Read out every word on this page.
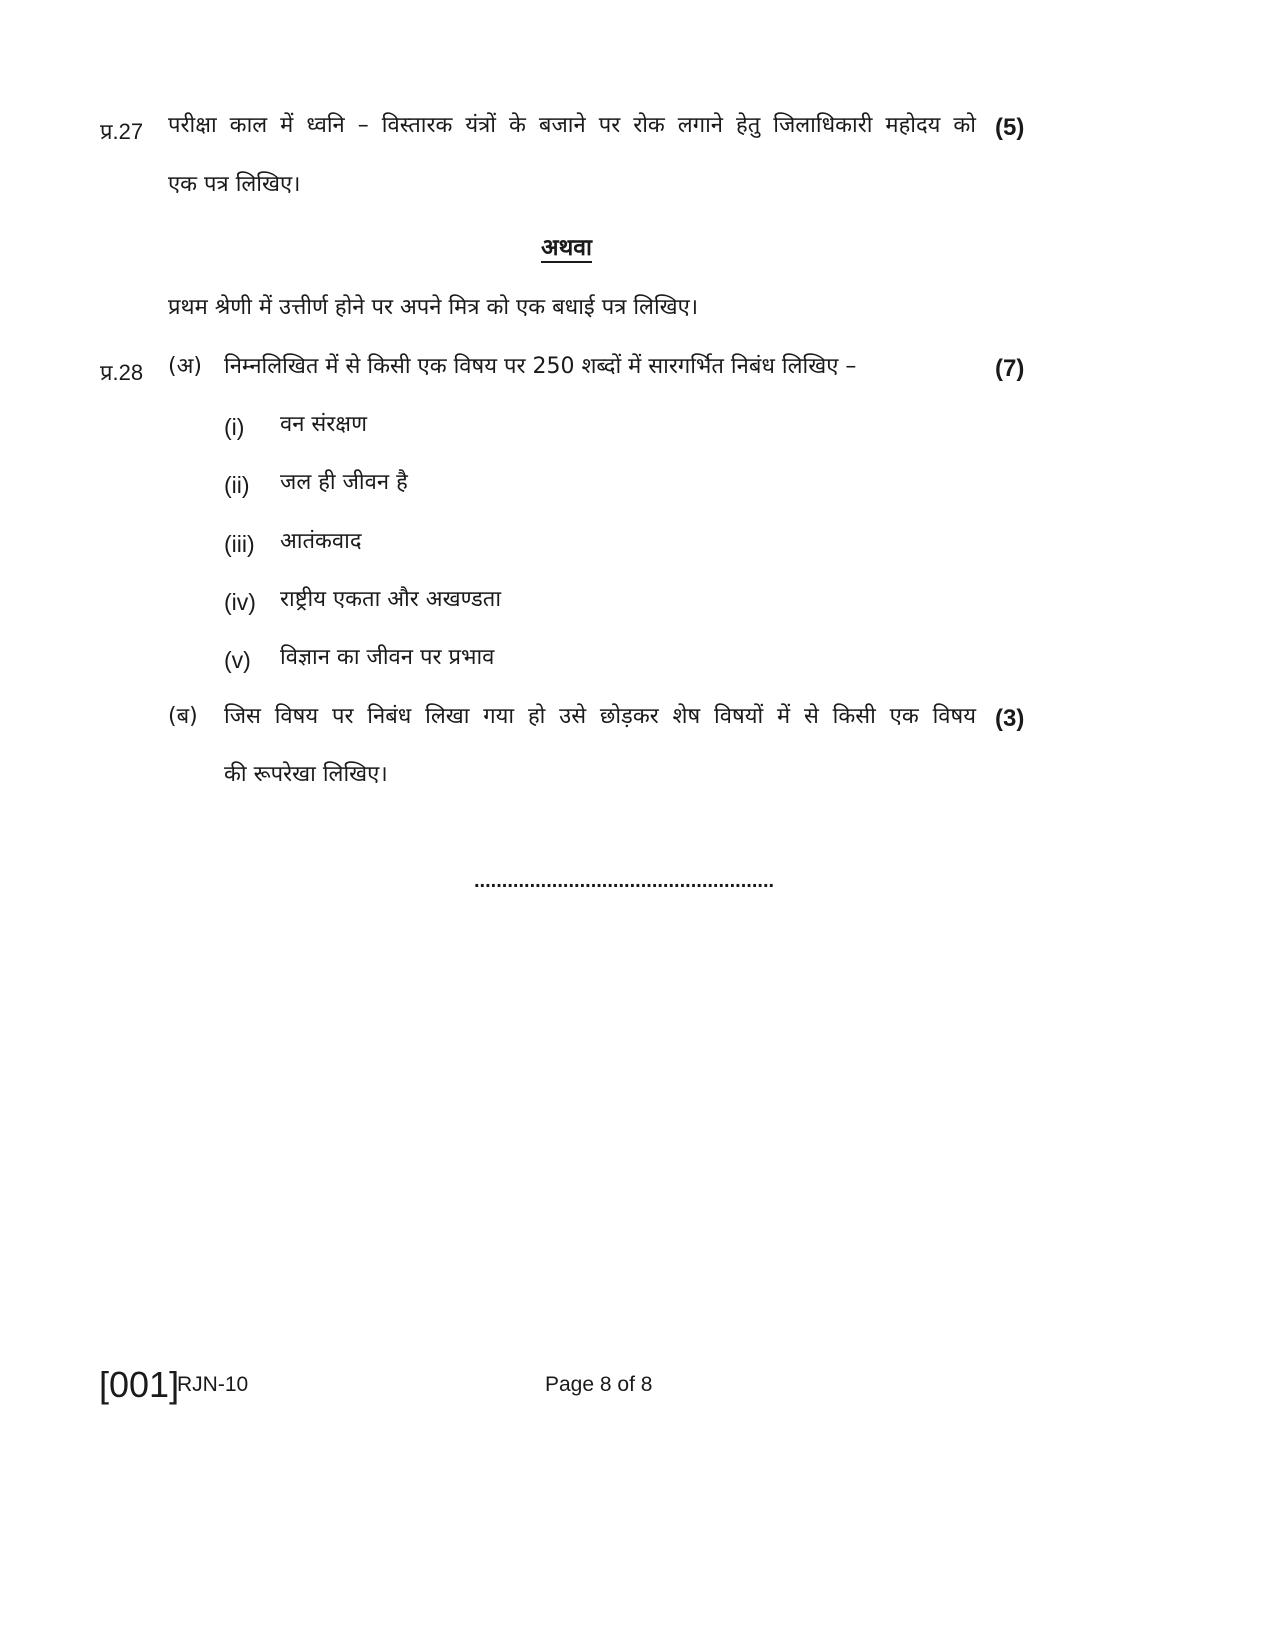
प्र.27 परीक्षा काल में ध्वनि – विस्तारक यंत्रों के बजाने पर रोक लगाने हेतु जिलाधिकारी महोदय को (5)
एक पत्र लिखिए।
अथवा
प्रथम श्रेणी में उत्तीर्ण होने पर अपने मित्र को एक बधाई पत्र लिखिए।
प्र.28 (अ) निम्नलिखित में से किसी एक विषय पर 250 शब्दों में सारगर्भित निबंध लिखिए –	(7)
(i) वन संरक्षण
(ii) जल ही जीवन है
(iii) आतंकवाद
(iv) राष्ट्रीय एकता और अखण्डता
(v) विज्ञान का जीवन पर प्रभाव
(ब) जिस विषय पर निबंध लिखा गया हो उसे छोड़कर शेष विषयों में से किसी एक विषय (3)
की रूपरेखा लिखिए।
......................................................
[001]
RJN-10	Page 8 of 8
